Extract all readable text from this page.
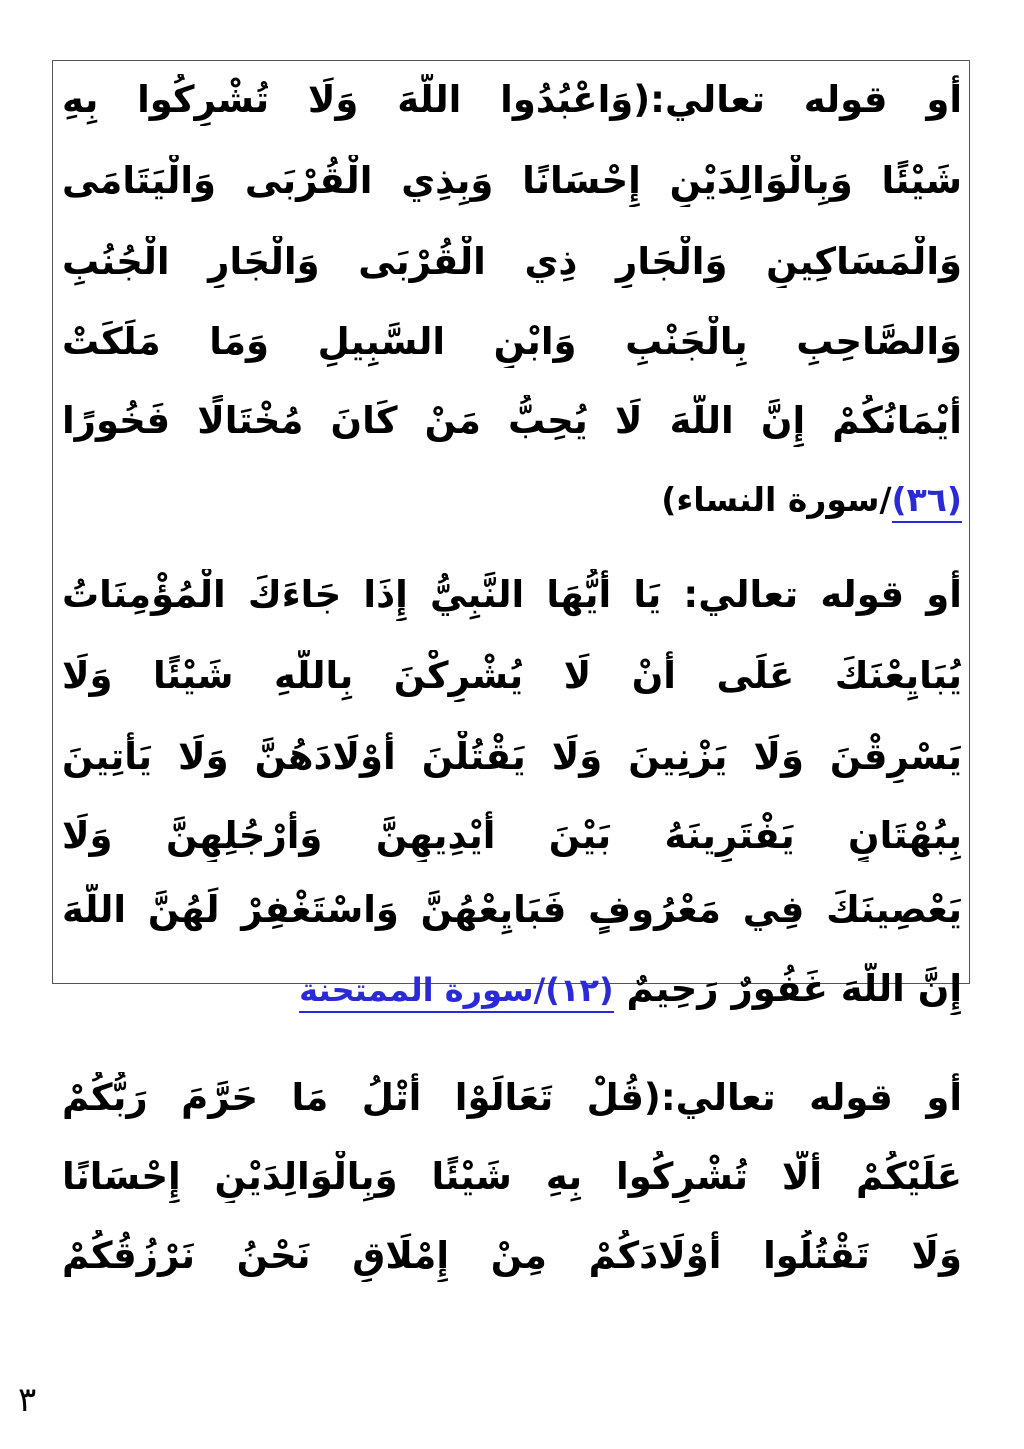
أو قوله تعالي:(وَاعْبُدُوا اللَّهَ وَلَا تُشْرِكُوا بِهِ
شَيْئًا وَبِالْوَالِدَيْنِ إِحْسَانًا وَبِذِي الْقُرْبَى وَالْيَتَامَى
وَالْمَسَاكِينِ وَالْجَارِ ذِي الْقُرْبَى وَالْجَارِ الْجُنُبِ
وَالصَّاحِبِ بِالْجَنْبِ وَابْنِ السَّبِيلِ وَمَا مَلَكَتْ
أَيْمَانُكُمْ إِنَّ اللَّهَ لَا يُحِبُّ مَنْ كَانَ مُخْتَالًا فَخُورًا
(٣٦)/سورة النساء)
أو قوله تعالي: يَا أَيُّهَا النَّبِيُّ إِذَا جَاءَكَ الْمُؤْمِنَاتُ
يُبَايِعْنَكَ عَلَى أَنْ لَا يُشْرِكْنَ بِاللَّهِ شَيْئًا وَلَا
يَسْرِقْنَ وَلَا يَزْنِينَ وَلَا يَقْتُلْنَ أَوْلَادَهُنَّ وَلَا يَأْتِينَ
بِبُهْتَانٍ يَفْتَرِينَهُ بَيْنَ أَيْدِيهِنَّ وَأَرْجُلِهِنَّ وَلَا
يَعْصِينَكَ فِي مَعْرُوفٍ فَبَايِعْهُنَّ وَاسْتَغْفِرْ لَهُنَّ اللَّهَ
إِنَّ اللَّهَ غَفُورٌ رَحِيمٌ (١٢)/سورة الممتحنة
أو قوله تعالي:(قُلْ تَعَالَوْا أَتْلُ مَا حَرَّمَ رَبُّكُمْ
عَلَيْكُمْ أَلَّا تُشْرِكُوا بِهِ شَيْئًا وَبِالْوَالِدَيْنِ إِحْسَانًا
وَلَا تَقْتُلُوا أَوْلَادَكُمْ مِنْ إِمْلَاقٍ نَحْنُ نَرْزُقُكُمْ
٣
